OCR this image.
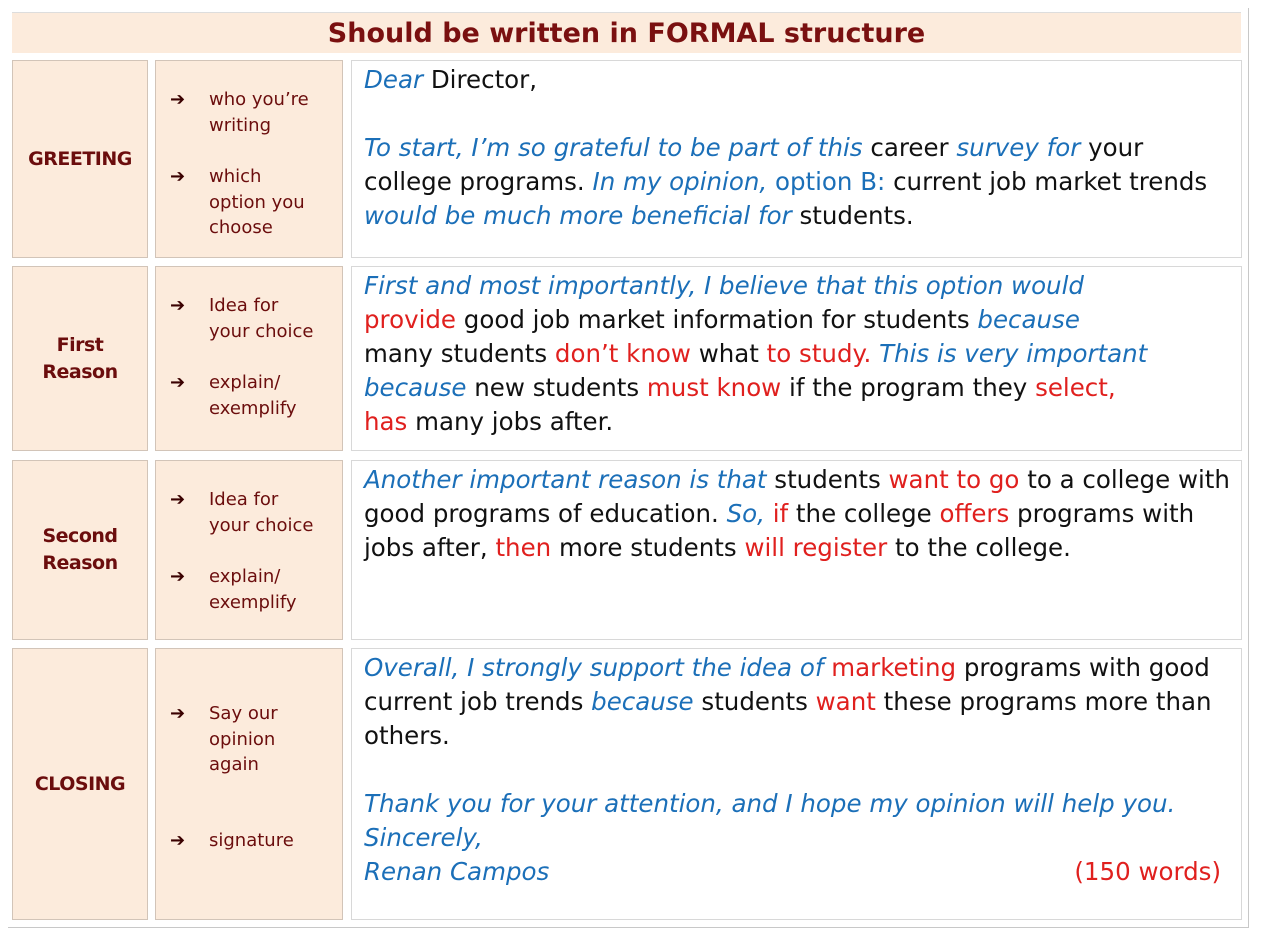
Should be written in FORMAL structure
GREETING
➔ who you’re
writing
➔ which
option you
choose

Dear Director,

To start, I’m so grateful to be part of this career survey for your college programs. In my opinion, option B: current job market trends would be much more beneficial for students.

First
Reason
➔ Idea for
your choice
➔ explain/
exemplify

First and most importantly, I believe that this option would
provide good job market information for students because
many students don’t know what to study. This is very important
because new students must know if the program they select,
has many jobs after.

Second
Reason
➔ Idea for
your choice
➔ explain/
exemplify

Another important reason is that students want to go to a college with good programs of education. So, if the college offers programs with jobs after, then more students will register to the college.

CLOSING
➔ Say our
opinion
again
➔ signature

Overall, I strongly support the idea of marketing programs with good current job trends because students want these programs more than others.

Thank you for your attention, and I hope my opinion will help you.

Sincerely,

Renan Campos	(150 words)
